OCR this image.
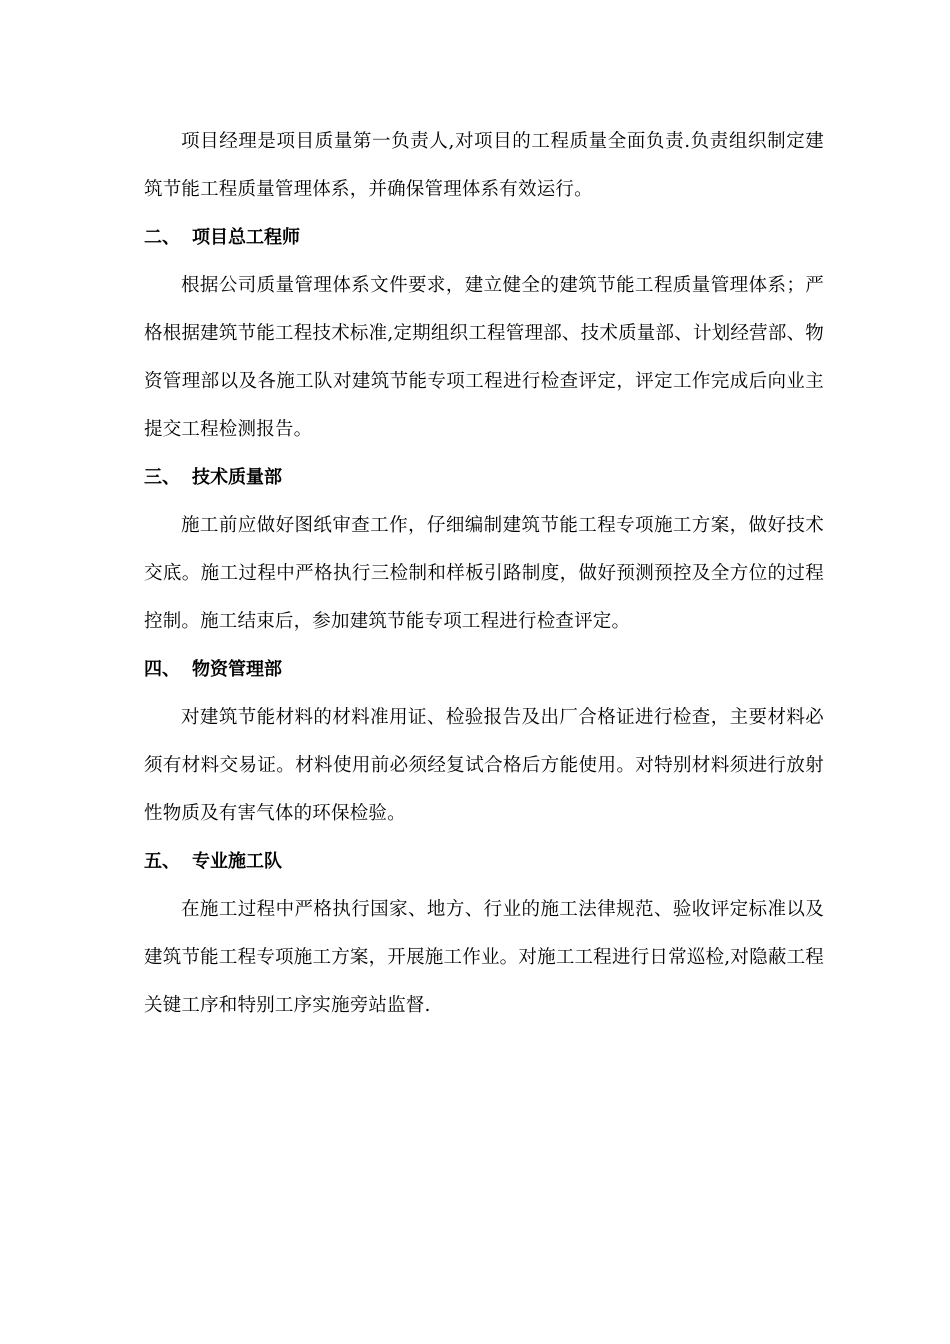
项目经理是项目质量第一负责人,对项目的工程质量全面负责.负责组织制定建筑节能工程质量管理体系，并确保管理体系有效运行。

二、 项目总工程师

根据公司质量管理体系文件要求，建立健全的建筑节能工程质量管理体系；严格根据建筑节能工程技术标准,定期组织工程管理部、技术质量部、计划经营部、物资管理部以及各施工队对建筑节能专项工程进行检查评定，评定工作完成后向业主提交工程检测报告。

三、 技术质量部

施工前应做好图纸审查工作，仔细编制建筑节能工程专项施工方案，做好技术交底。施工过程中严格执行三检制和样板引路制度，做好预测预控及全方位的过程控制。施工结束后，参加建筑节能专项工程进行检查评定。

四、 物资管理部

对建筑节能材料的材料准用证、检验报告及出厂合格证进行检查，主要材料必须有材料交易证。材料使用前必须经复试合格后方能使用。对特别材料须进行放射性物质及有害气体的环保检验。

五、 专业施工队

在施工过程中严格执行国家、地方、行业的施工法律规范、验收评定标准以及建筑节能工程专项施工方案，开展施工作业。对施工工程进行日常巡检,对隐蔽工程关键工序和特别工序实施旁站监督.
